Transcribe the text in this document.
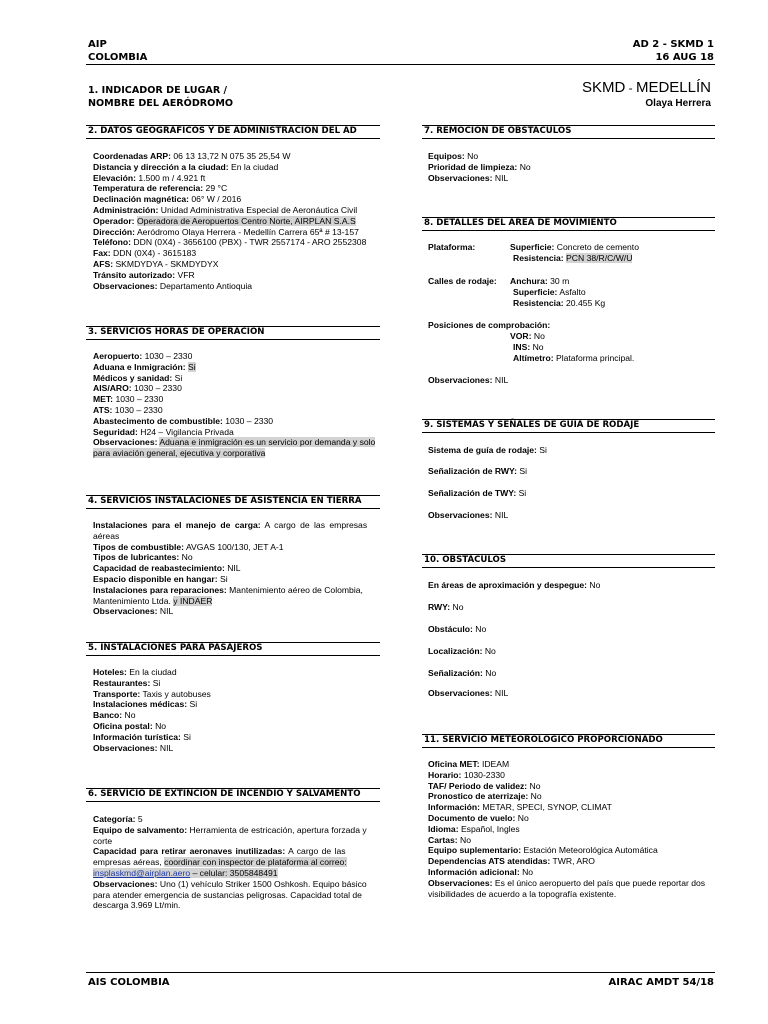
AIP
COLOMBIA
AD 2 - SKMD 1
16 AUG 18
1. INDICADOR DE LUGAR /
NOMBRE DEL AERÓDROMO
SKMD - MEDELLÍN
Olaya Herrera
2. DATOS GEOGRAFICOS Y DE ADMINISTRACION DEL AD
Coordenadas ARP: 06 13 13,72 N 075 35 25,54 W
Distancia y dirección a la ciudad: En la ciudad
Elevación: 1.500 m / 4.921 ft
Temperatura de referencia: 29 °C
Declinación magnética: 06° W / 2016
Administración: Unidad Administrativa Especial de Aeronáutica Civil
Operador: Operadora de Aeropuertos Centro Norte, AIRPLAN S.A.S
Dirección: Aeródromo Olaya Herrera - Medellín Carrera 65ª # 13-157
Teléfono: DDN (0X4) - 3656100 (PBX) - TWR 2557174 - ARO 2552308
Fax: DDN (0X4) - 3615183
AFS: SKMDYDYA - SKMDYDYX
Tránsito autorizado: VFR
Observaciones: Departamento Antioquia
3. SERVICIOS HORAS DE OPERACION
Aeropuerto: 1030 – 2330
Aduana e Inmigración: Si
Médicos y sanidad: Si
AIS/ARO: 1030 – 2330
MET: 1030 – 2330
ATS: 1030 – 2330
Abastecimento de combustible: 1030 – 2330
Seguridad: H24 – Vigilancia Privada
Observaciones: Aduana e inmigración es un servicio por demanda y solo
para aviación general, ejecutiva y corporativa
4. SERVICIOS INSTALACIONES DE ASISTENCIA EN TIERRA
Instalaciones para el manejo de carga: A cargo de las empresas
aéreas
Tipos de combustible: AVGAS 100/130, JET A-1
Tipos de lubricantes: No
Capacidad de reabastecimiento: NIL
Espacio disponible en hangar: Si
Instalaciones para reparaciones: Mantenimiento aéreo de Colombia,
Mantenimiento Ltda. y INDAER
Observaciones: NIL
5. INSTALACIONES PARA PASAJEROS
Hoteles: En la ciudad
Restaurantes: Si
Transporte: Taxis y autobuses
Instalaciones médicas: Si
Banco: No
Oficina postal: No
Información turística: Si
Observaciones: NIL
6. SERVICIO DE EXTINCION DE INCENDIO Y SALVAMENTO
Categoría: 5
Equipo de salvamento: Herramienta de estricación, apertura forzada y
corte
Capacidad para retirar aeronaves inutilizadas: A cargo de las
empresas aéreas, coordinar con inspector de plataforma al correo:
insplaskmd@airplan.aero – celular: 3505848491
Observaciones: Uno (1) vehículo Striker 1500 Oshkosh. Equipo básico
para atender emergencia de sustancias peligrosas. Capacidad total de
descarga 3.969 Lt/min.
7. REMOCION DE OBSTACULOS
Equipos: No
Prioridad de limpieza: No
Observaciones: NIL
8. DETALLES DEL AREA DE MOVIMIENTO
Plataforma:	Superficie: Concreto de cemento
Resistencia: PCN 38/R/C/W/U
Calles de rodaje: Anchura: 30 m
Superficie: Asfalto
Resistencia: 20.455 Kg
Posiciones de comprobación:
VOR: No
INS: No
Altímetro: Plataforma principal.
Observaciones: NIL
9. SISTEMAS Y SEÑALES DE GUIA DE RODAJE
Sistema de guía de rodaje: Si
Señalización de RWY: Si
Señalización de TWY: Si
Observaciones: NIL
10. OBSTACULOS
En áreas de aproximación y despegue: No
RWY: No
Obstáculo: No
Localización: No
Señalización: No
Observaciones: NIL
11. SERVICIO METEOROLOGICO PROPORCIONADO
Oficina MET: IDEAM
Horario: 1030-2330
TAF/ Periodo de validez: No
Pronostico de aterrizaje: No
Información: METAR, SPECI, SYNOP, CLIMAT
Documento de vuelo: No
Idioma: Español, Ingles
Cartas: No
Equipo suplementario: Estación Meteorológica Automática
Dependencias ATS atendidas: TWR, ARO
Información adicional: No
Observaciones: Es el único aeropuerto del país que puede reportar dos
visibilidades de acuerdo a la topografía existente.
AIS COLOMBIA	AIRAC AMDT 54/18
